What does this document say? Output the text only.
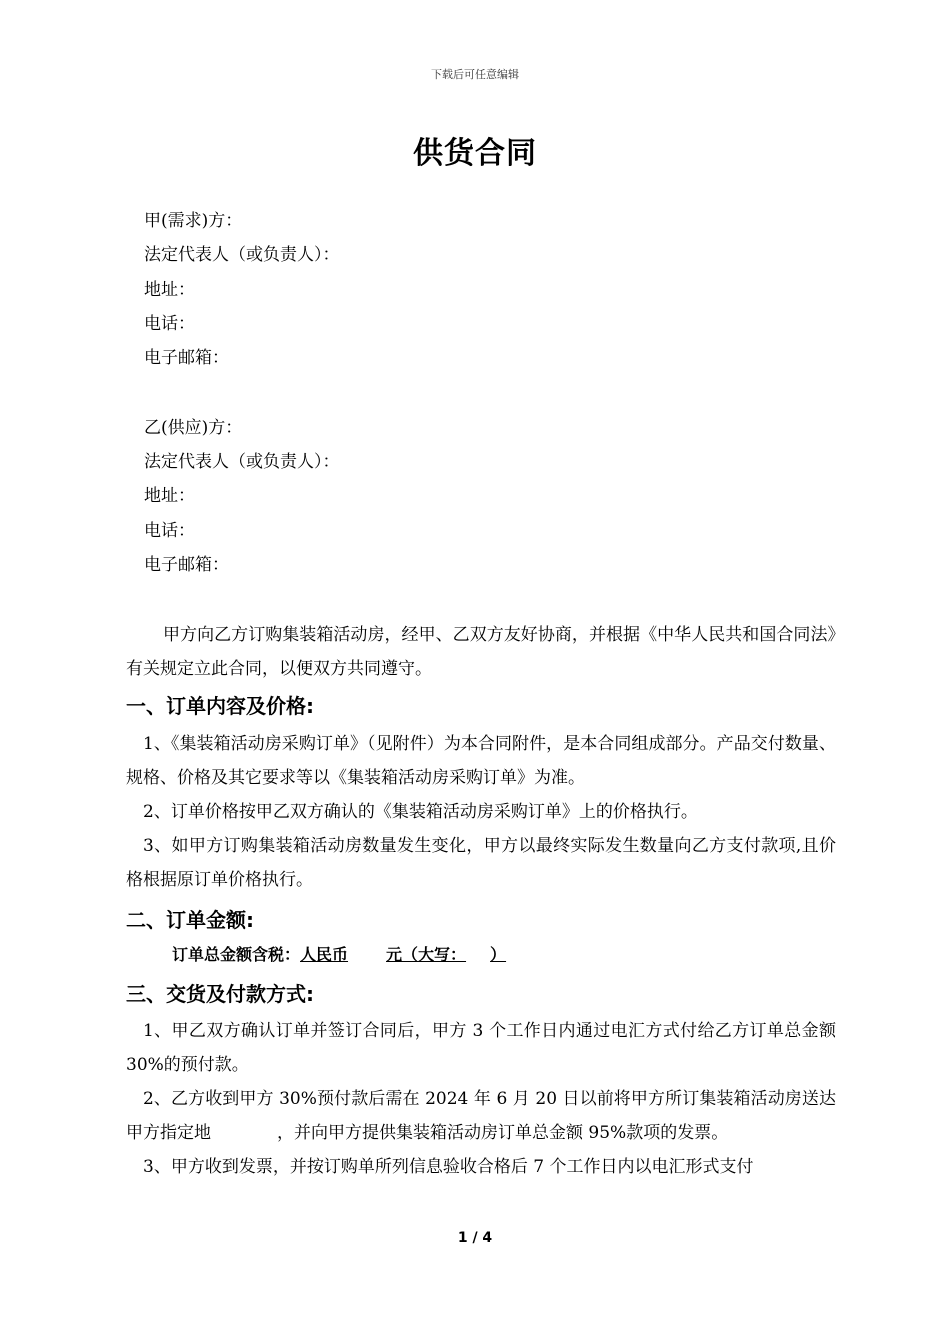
下载后可任意编辑
供货合同
甲(需求)方：
法定代表人（或负责人）：
地址：
电话：
电子邮箱：
乙(供应)方：
法定代表人（或负责人）：
地址：
电话：
电子邮箱：

甲方向乙方订购集装箱活动房，经甲、乙双方友好协商，并根据《中华人民共和国合同法》有关规定立此合同，以便双方共同遵守。

一、订单内容及价格:

1、《集装箱活动房采购订单》（见附件）为本合同附件，是本合同组成部分。产品交付数量、规格、价格及其它要求等以《集装箱活动房采购订单》为准。

2、订单价格按甲乙双方确认的《集装箱活动房采购订单》上的价格执行。

3、如甲方订购集装箱活动房数量发生变化，甲方以最终实际发生数量向乙方支付款项,且价格根据原订单价格执行。

二、订单金额:
订单总金额含税：人民币 元（大写： ）
三、交货及付款方式:

1、甲乙双方确认订单并签订合同后，甲方 3 个工作日内通过电汇方式付给乙方订单总金额 30%的预付款。

2、乙方收到甲方 30%预付款后需在 2024 年 6 月 20 日以前将甲方所订集装箱活动房送达甲方指定地	，并向甲方提供集装箱活动房订单总金额 95%款项的发票。

3、甲方收到发票，并按订购单所列信息验收合格后 7 个工作日内以电汇形式支付

1 / 4
